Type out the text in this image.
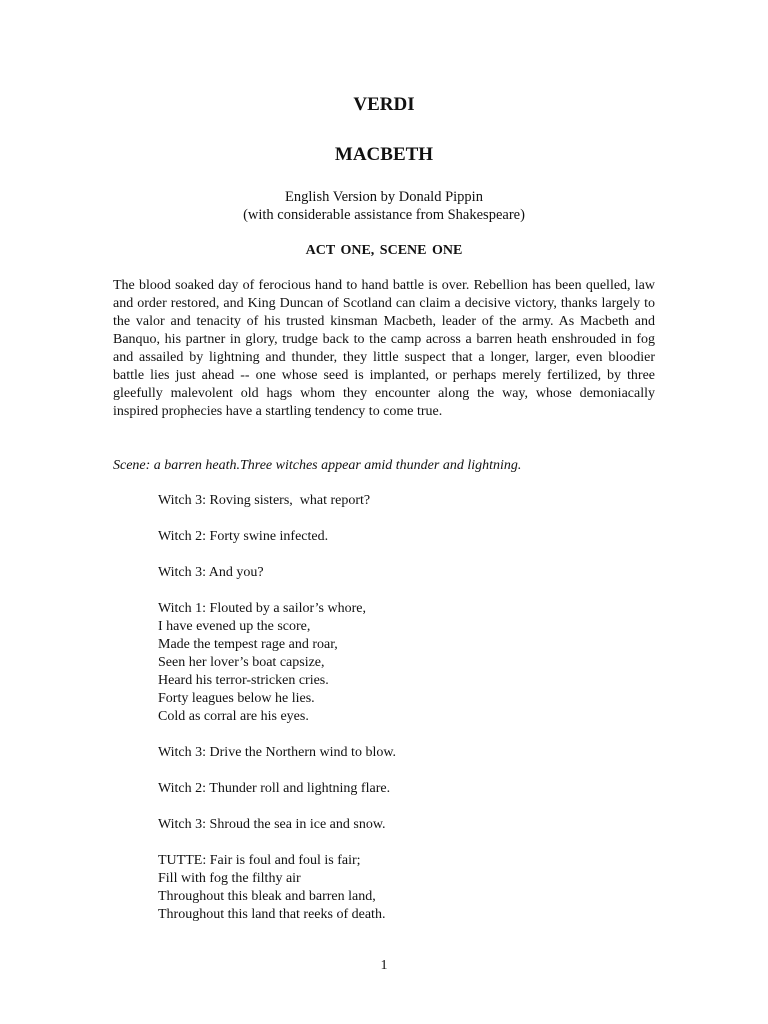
VERDI
MACBETH
English Version by Donald Pippin
(with considerable assistance from Shakespeare)
ACT ONE, SCENE ONE
The blood soaked day of ferocious hand to hand battle is over. Rebellion has been quelled, law and order restored, and King Duncan of Scotland can claim a decisive victory, thanks largely to the valor and tenacity of his trusted kinsman Macbeth, leader of the army. As Macbeth and Banquo, his partner in glory, trudge back to the camp across a barren heath enshrouded in fog and assailed by lightning and thunder, they little suspect that a longer, larger, even bloodier battle lies just ahead -- one whose seed is implanted, or perhaps merely fertilized, by three gleefully malevolent old hags whom they encounter along the way, whose demoniacally inspired prophecies have a startling tendency to come true.
Scene: a barren heath.Three witches appear amid thunder and lightning.
Witch 3: Roving sisters,  what report?
Witch 2: Forty swine infected.
Witch 3: And you?
Witch 1: Flouted by a sailor’s whore,
I have evened up the score,
Made the tempest rage and roar,
Seen her lover’s boat capsize,
Heard his terror-stricken cries.
Forty leagues below he lies.
Cold as corral are his eyes.
Witch 3: Drive the Northern wind to blow.
Witch 2: Thunder roll and lightning flare.
Witch 3: Shroud the sea in ice and snow.
TUTTE: Fair is foul and foul is fair;
Fill with fog the filthy air
Throughout this bleak and barren land,
Throughout this land that reeks of death.
1
